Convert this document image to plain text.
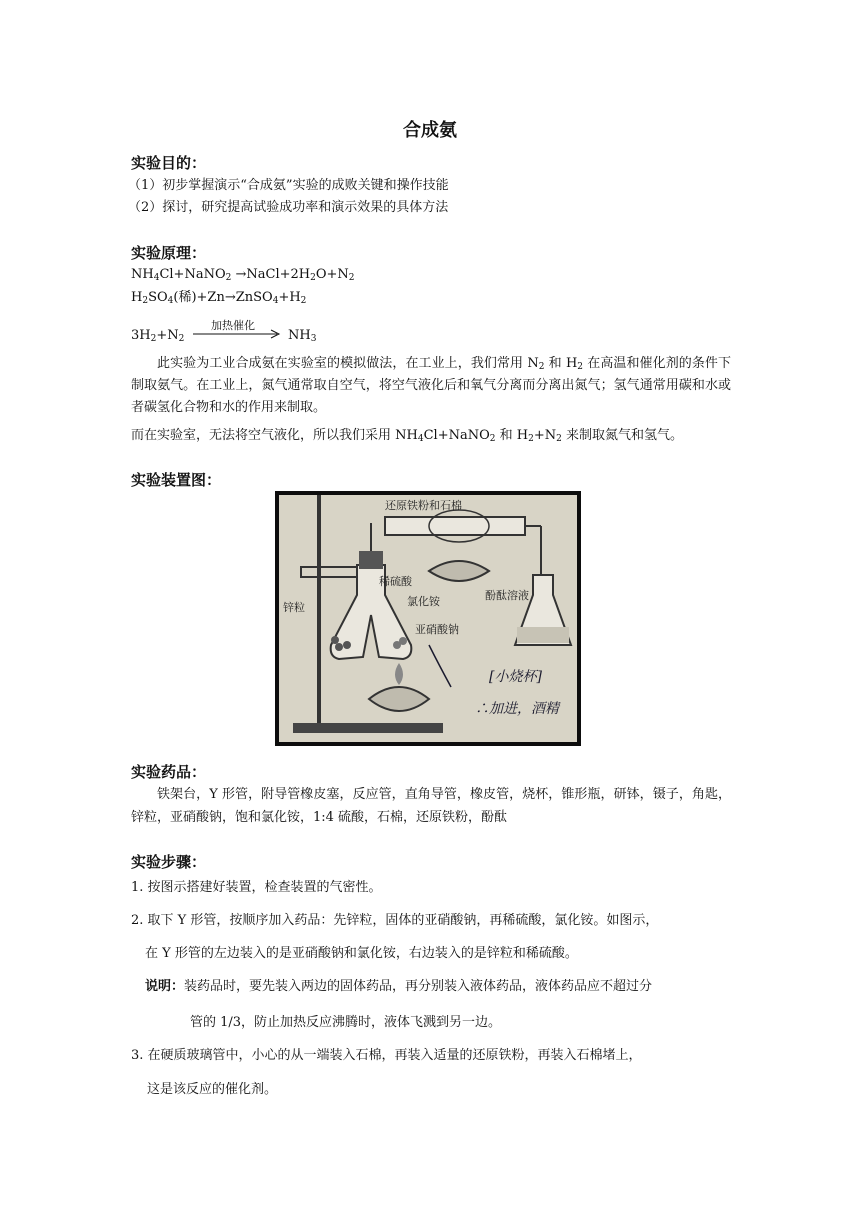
合成氨
实验目的：
（1）初步掌握演示“合成氨”实验的成败关键和操作技能
（2）探讨，研究提高试验成功率和演示效果的具体方法
实验原理：
$NH_4Cl+NaNO_2$ $\to NaCl+2H_2O+N_2$
$H_2SO_4$(稀)$+Zn\to ZnSO_4+H_2$
$3H_2+N_2$
加热催化
$NH_3$
此实验为工业合成氨在实验室的模拟做法，在工业上，我们常用 $N_2$ 和 $H_2$ 在高温和催化剂的条件下制取氨气。在工业上，氮气通常取自空气，将空气液化后和氧气分离而分离出氮气；氢气通常用碳和水或者碳氢化合物和水的作用来制取。
而在实验室，无法将空气液化，所以我们采用 $NH_4Cl+NaNO_2$ 和 $H_2+N_2$ 来制取氮气和氢气。
实验装置图：
还原铁粉和石棉
稀硫酸
锌粒	氯化铵
亚硝酸钠
酚酞溶液
[小烧杯]
∴加进，酒精
实验药品：
铁架台，Y 形管，附导管橡皮塞，反应管，直角导管，橡皮管，烧杯，锥形瓶，研钵，镊子，角匙，锌粒，亚硝酸钠，饱和氯化铵，1:4 硫酸，石棉，还原铁粉，酚酞
实验步骤：
1. 按图示搭建好装置，检查装置的气密性。
2. 取下 Y 形管，按顺序加入药品：先锌粒，固体的亚硝酸钠，再稀硫酸，氯化铵。如图示，
在 Y 形管的左边装入的是亚硝酸钠和氯化铵，右边装入的是锌粒和稀硫酸。
说明：装药品时，要先装入两边的固体药品，再分别装入液体药品，液体药品应不超过分
管的 1/3，防止加热反应沸腾时，液体飞溅到另一边。
3. 在硬质玻璃管中，小心的从一端装入石棉，再装入适量的还原铁粉，再装入石棉堵上，
这是该反应的催化剂。
